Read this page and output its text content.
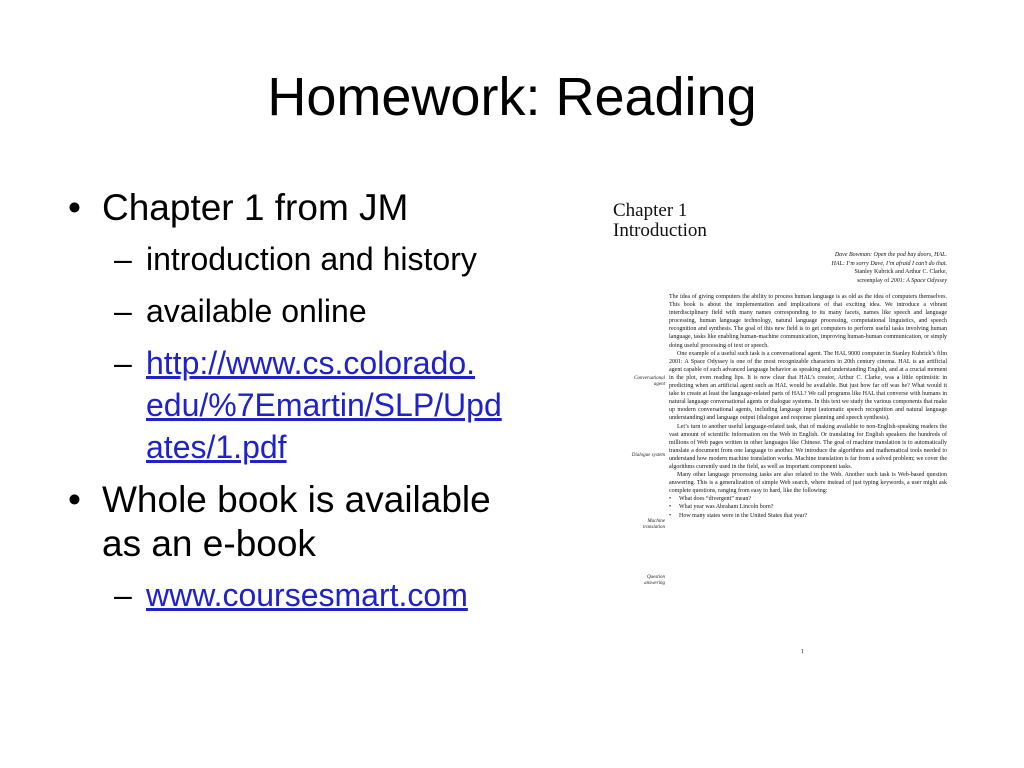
Homework: Reading
• Chapter 1 from JM
– introduction and history
– available online
– http://www.cs.colorado.
edu/%7Emartin/SLP/Upd
ates/1.pdf
• Whole book is available
as an e-book
– www.coursesmart.com
Chapter 1
Introduction
Dave Bowman: Open the pod bay doors, HAL.
HAL: I’m sorry Dave, I’m afraid I can’t do that.
Stanley Kubrick and Arthur C. Clarke,
screenplay of 2001: A Space Odyssey
Conversational
agent
Dialogue system
Machine
translation
Question
answering

The idea of giving computers the ability to process human language is as old as the idea of computers themselves. This book is about the implementation and implications of that exciting idea. We introduce a vibrant interdisciplinary field with many names corresponding to its many facets, names like speech and language processing, human language technology, natural language processing, computational linguistics, and speech recognition and synthesis. The goal of this new field is to get computers to perform useful tasks involving human language, tasks like enabling human-machine communication, improving human-human communication, or simply doing useful processing of text or speech.

One example of a useful such task is a conversational agent. The HAL 9000 computer in Stanley Kubrick’s film 2001: A Space Odyssey is one of the most recognizable characters in 20th century cinema. HAL is an artificial agent capable of such advanced language behavior as speaking and understanding English, and at a crucial moment in the plot, even reading lips. It is now clear that HAL’s creator, Arthur C. Clarke, was a little optimistic in predicting when an artificial agent such as HAL would be available. But just how far off was he? What would it take to create at least the language-related parts of HAL? We call programs like HAL that converse with humans in natural language conversational agents or dialogue systems. In this text we study the various components that make up modern conversational agents, including language input (automatic speech recognition and natural language understanding) and language output (dialogue and response planning and speech synthesis).

Let’s turn to another useful language-related task, that of making available to non-English-speaking readers the vast amount of scientific information on the Web in English. Or translating for English speakers the hundreds of millions of Web pages written in other languages like Chinese. The goal of machine translation is to automatically translate a document from one language to another. We introduce the algorithms and mathematical tools needed to understand how modern machine translation works. Machine translation is far from a solved problem; we cover the algorithms currently used in the field, as well as important component tasks.

Many other language processing tasks are also related to the Web. Another such task is Web-based question answering. This is a generalization of simple Web search, where instead of just typing keywords, a user might ask complete questions, ranging from easy to hard, like the following:

• What does “divergent” mean?
• What year was Abraham Lincoln born?
• How many states were in the United States that year?
1
